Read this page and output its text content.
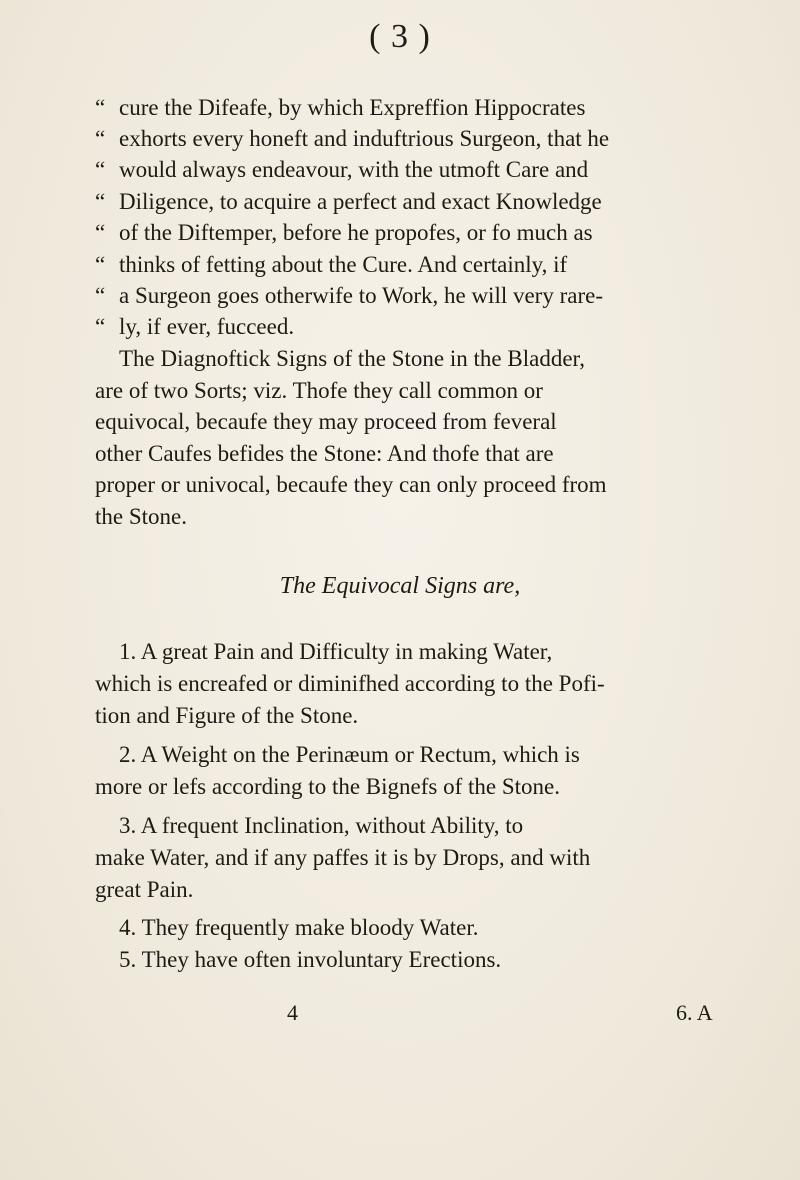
( 3 )
“ cure the Difeafe, by which Expreffion Hippocrates
“ exhorts every honeft and induftrious Surgeon, that he
“ would always endeavour, with the utmoft Care and
“ Diligence, to acquire a perfect and exact Knowledge
“ of the Diftemper, before he propofes, or fo much as
“ thinks of fetting about the Cure. And certainly, if
“ a Surgeon goes otherwife to Work, he will very rare-
“ ly, if ever, fucceed.
The Diagnoftick Signs of the Stone in the Bladder,
are of two Sorts; viz. Thofe they call common or
equivocal, becaufe they may proceed from feveral
other Caufes befides the Stone: And thofe that are
proper or univocal, becaufe they can only proceed from
the Stone.
The Equivocal Signs are,
1. A great Pain and Difficulty in making Water,
which is encreafed or diminifhed according to the Pofi-
tion and Figure of the Stone.
2. A Weight on the Perinæum or Rectum, which is
more or lefs according to the Bignefs of the Stone.
3. A frequent Inclination, without Ability, to
make Water, and if any paffes it is by Drops, and with
great Pain.
4. They frequently make bloody Water.
5. They have often involuntary Erections.
4	6. A
